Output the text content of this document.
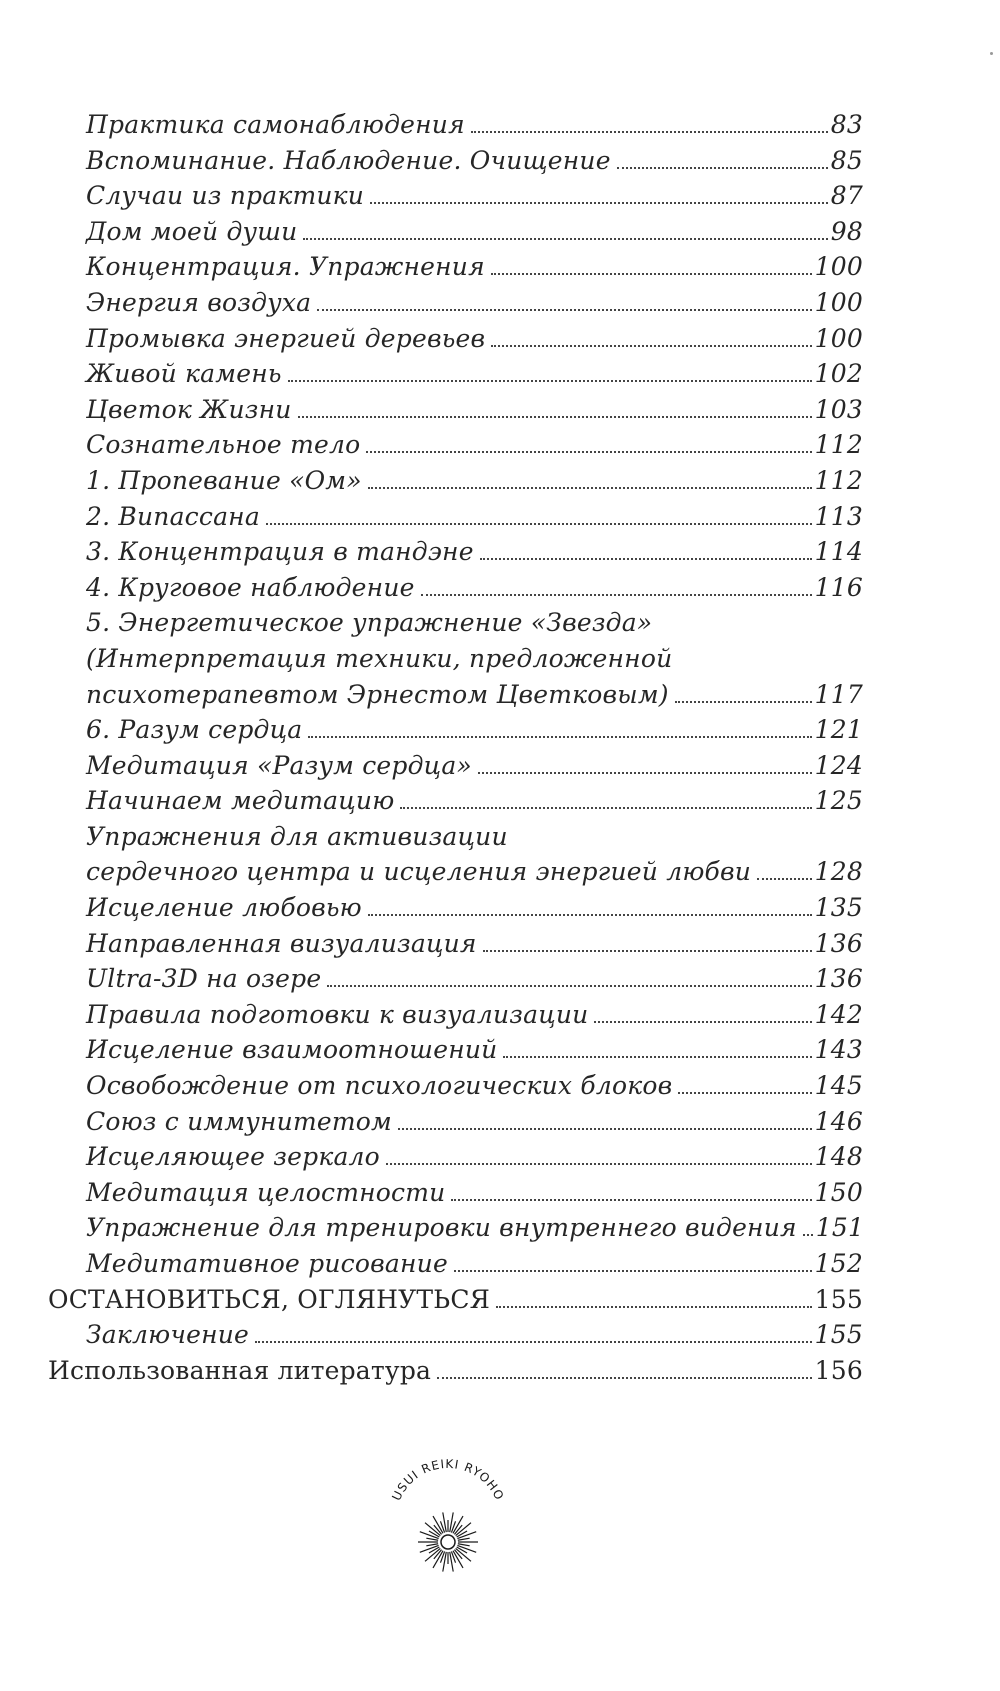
Практика самонаблюдения	83
Вспоминание. Наблюдение. Очищение	85
Случаи из практики	87
Дом моей души	98
Концентрация. Упражнения	100
Энергия воздуха	100
Промывка энергией деревьев	100
Живой камень	102
Цветок Жизни	103
Сознательное тело	112
1. Пропевание «Ом»	112
2. Випассана	113
3. Концентрация в тандэне	114
4. Круговое наблюдение	116
5. Энергетическое упражнение «Звезда»
(Интерпретация техники, предложенной
психотерапевтом Эрнестом Цветковым)	117
6. Разум сердца	121
Медитация «Разум сердца»	124
Начинаем медитацию	125
Упражнения для активизации
сердечного центра и исцеления энергией любви	128
Исцеление любовью	135
Направленная визуализация	136
Ultra-3D на озере	136
Правила подготовки к визуализации	142
Исцеление взаимоотношений	143
Освобождение от психологических блоков	145
Союз с иммунитетом	146
Исцеляющее зеркало	148
Медитация целостности	150
Упражнение для тренировки внутреннего видения 151
Медитативное рисование	152
ОСТАНОВИТЬСЯ, ОГЛЯНУТЬСЯ	155
Заключение	155
Использованная литература	156
USUI REIKI RYOHO
